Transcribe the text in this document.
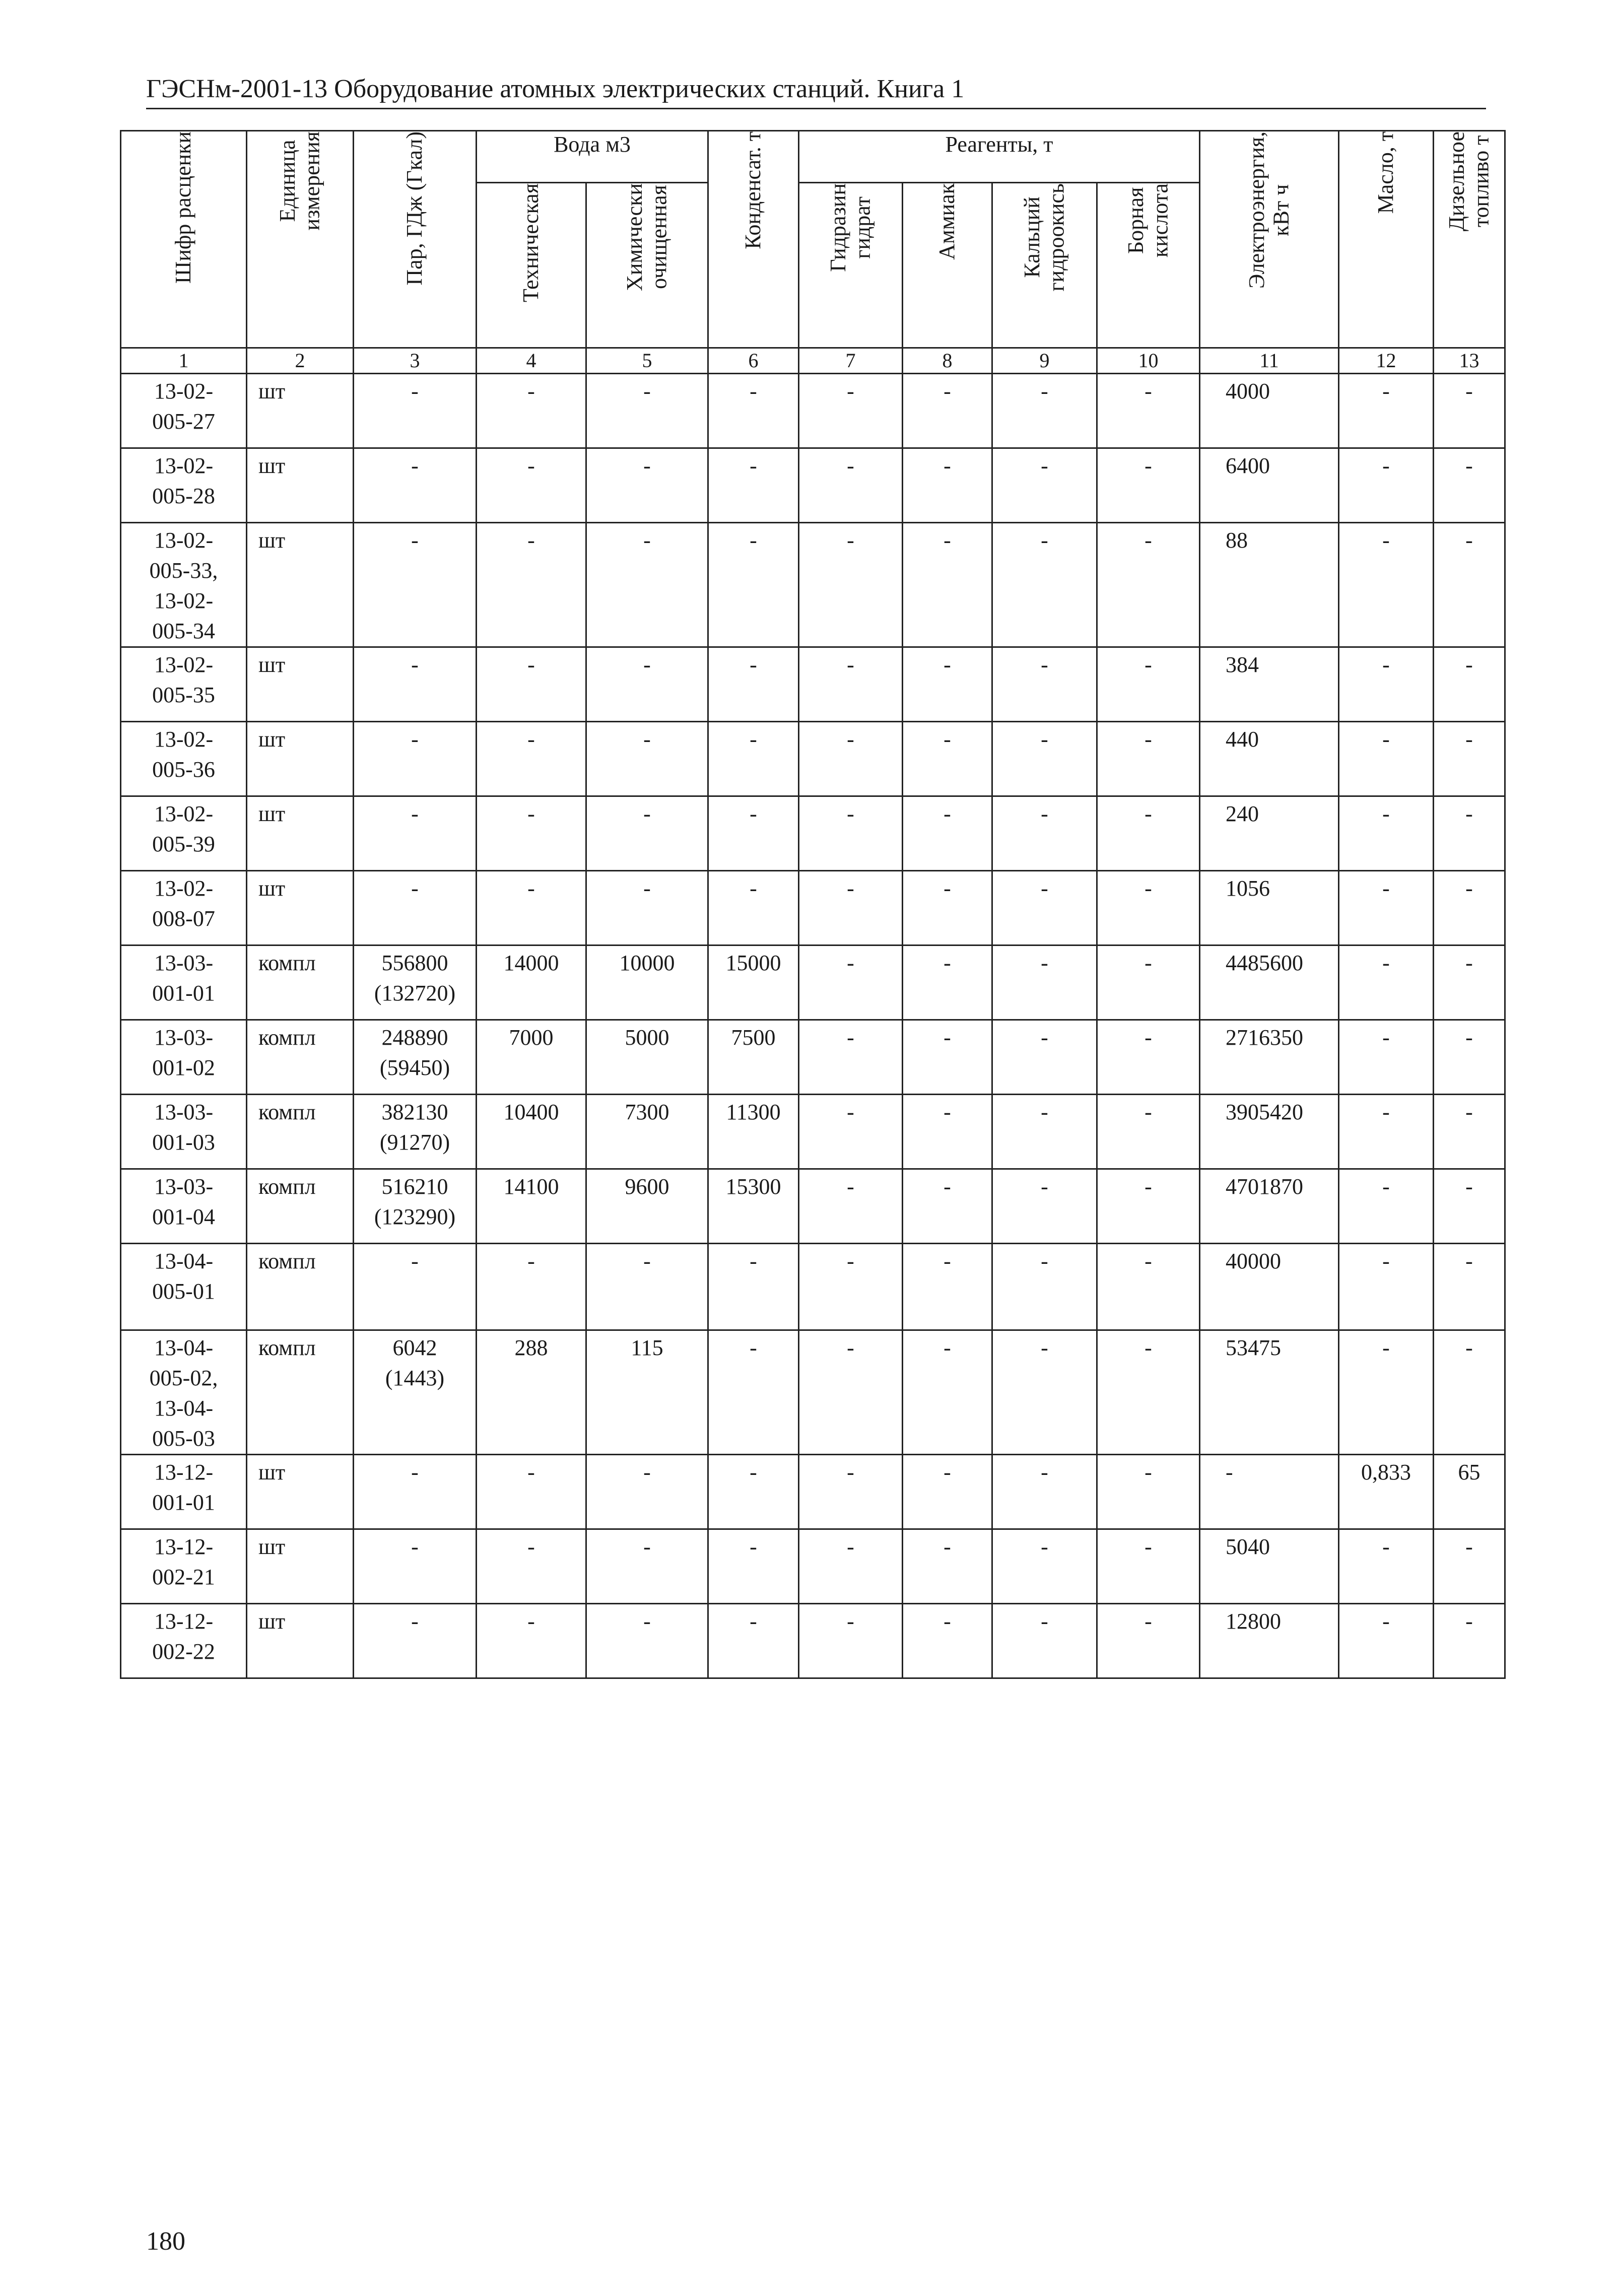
ГЭСНм-2001-13 Оборудование атомных электрических станций. Книга 1
Шифр расценки	Единица
измерения	Пар, ГДж (Гкал)	Вода м3		Конденсат. т	Реагенты, т				Электроэнергия,
кВт ч	Масло, т	Дизельное
топливо т

			Техническая	Химически
очищенная		Гидразин
гидрат	Аммиак	Кальций
гидроокись	Борная
кислота			

1	2	3	4	5	6	7	8	9	10	11	12	13
13-02-
005-27	шт	-	-	-	-	-	-	-	-	4000	-	-
13-02-
005-28	шт	-	-	-	-	-	-	-	-	6400	-	-
13-02-
005-33,
13-02-
005-34	шт	-	-	-	-	-	-	-	-	88	-	-
13-02-
005-35	шт	-	-	-	-	-	-	-	-	384	-	-
13-02-
005-36	шт	-	-	-	-	-	-	-	-	440	-	-
13-02-
005-39	шт	-	-	-	-	-	-	-	-	240	-	-
13-02-
008-07	шт	-	-	-	-	-	-	-	-	1056	-	-
13-03-
001-01	компл	556800
(132720)	14000	10000	15000	-	-	-	-	4485600	-	-
13-03-
001-02	компл	248890
(59450)	7000	5000	7500	-	-	-	-	2716350	-	-
13-03-
001-03	компл	382130
(91270)	10400	7300	11300	-	-	-	-	3905420	-	-
13-03-
001-04	компл	516210
(123290)	14100	9600	15300	-	-	-	-	4701870	-	-
13-04-
005-01	компл	-	-	-	-	-	-	-	-	40000	-	-
13-04-
005-02,
13-04-
005-03	компл	6042
(1443)	288	115	-	-	-	-	-	53475	-	-
13-12-
001-01	шт	-	-	-	-	-	-	-	-	-	0,833	65
13-12-
002-21	шт	-	-	-	-	-	-	-	-	5040	-	-
13-12-
002-22	шт	-	-	-	-	-	-	-	-	12800	-	-
180
